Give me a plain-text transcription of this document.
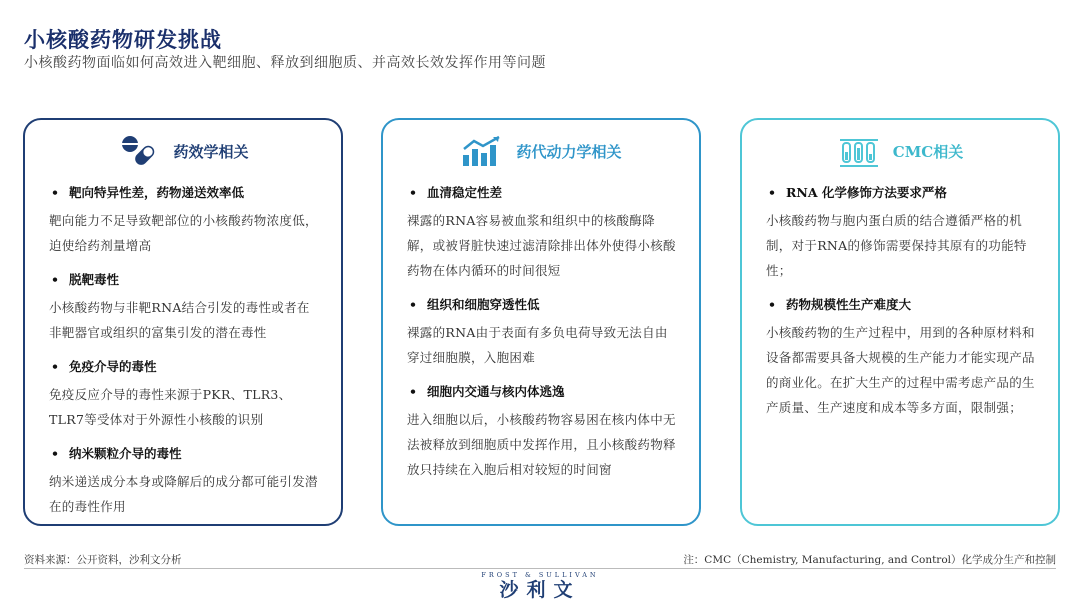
小核酸药物研发挑战
小核酸药物面临如何高效进入靶细胞、释放到细胞质、并高效长效发挥作用等问题
药效学相关
• 靶向特异性差，药物递送效率低
靶向能力不足导致靶部位的小核酸药物浓度低，迫使给药剂量增高
• 脱靶毒性
小核酸药物与非靶RNA结合引发的毒性或者在非靶器官或组织的富集引发的潜在毒性
• 免疫介导的毒性
免疫反应介导的毒性来源于PKR、TLR3、TLR7等受体对于外源性小核酸的识别
• 纳米颗粒介导的毒性
纳米递送成分本身或降解后的成分都可能引发潜在的毒性作用
药代动力学相关
• 血清稳定性差
裸露的RNA容易被血浆和组织中的核酸酶降解，或被肾脏快速过滤清除排出体外使得小核酸药物在体内循环的时间很短
• 组织和细胞穿透性低
裸露的RNA由于表面有多负电荷导致无法自由穿过细胞膜，入胞困难
• 细胞内交通与核内体逃逸
进入细胞以后，小核酸药物容易困在核内体中无法被释放到细胞质中发挥作用，且小核酸药物释放只持续在入胞后相对较短的时间窗
CMC相关
• RNA 化学修饰方法要求严格
小核酸药物与胞内蛋白质的结合遵循严格的机制，对于RNA的修饰需要保持其原有的功能特性；
• 药物规模性生产难度大
小核酸药物的生产过程中，用到的各种原材料和设备都需要具备大规模的生产能力才能实现产品的商业化。在扩大生产的过程中需考虑产品的生产质量、生产速度和成本等多方面，限制强；
资料来源：公开资料，沙利文分析	注：CMC（Chemistry, Manufacturing, and Control）化学成分生产和控制
FROST & SULLIVAN
沙利文
